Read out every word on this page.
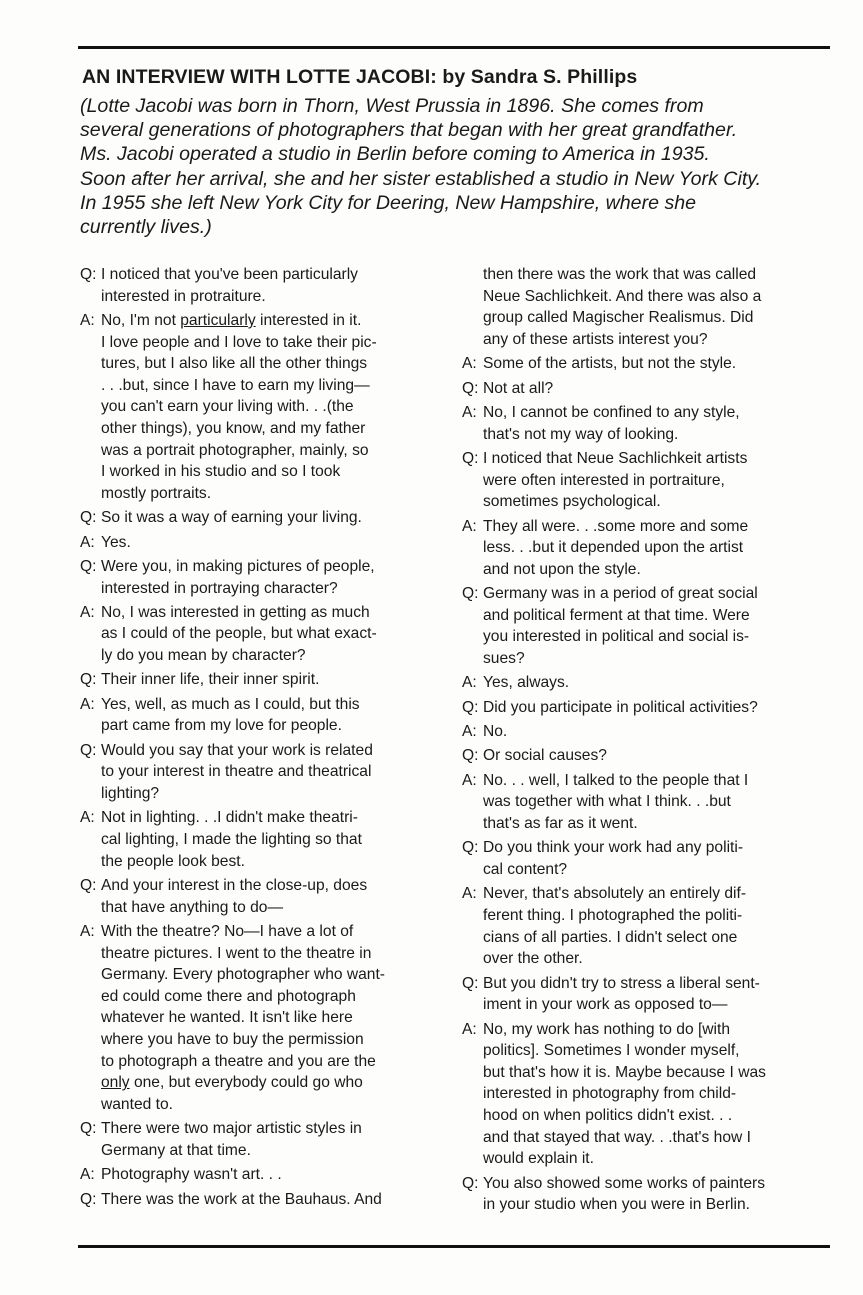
AN INTERVIEW WITH LOTTE JACOBI: by Sandra S. Phillips

(Lotte Jacobi was born in Thorn, West Prussia in 1896. She comes from
several generations of photographers that began with her great grandfather.
Ms. Jacobi operated a studio in Berlin before coming to America in 1935.
Soon after her arrival, she and her sister established a studio in New York City.
In 1955 she left New York City for Deering, New Hampshire, where she
currently lives.)

Q: I noticed that you've been particularly
interested in protraiture.
A: No, I'm not particularly interested in it.
I love people and I love to take their pic-
tures, but I also like all the other things
. . .but, since I have to earn my living—
you can't earn your living with. . .(the
other things), you know, and my father
was a portrait photographer, mainly, so
I worked in his studio and so I took
mostly portraits.
Q: So it was a way of earning your living.
A: Yes.
Q: Were you, in making pictures of people,
interested in portraying character?
A: No, I was interested in getting as much
as I could of the people, but what exact-
ly do you mean by character?
Q: Their inner life, their inner spirit.
A: Yes, well, as much as I could, but this
part came from my love for people.
Q: Would you say that your work is related
to your interest in theatre and theatrical
lighting?
A: Not in lighting. . .I didn't make theatri-
cal lighting, I made the lighting so that
the people look best.
Q: And your interest in the close-up, does
that have anything to do—
A: With the theatre? No—I have a lot of
theatre pictures. I went to the theatre in
Germany. Every photographer who want-
ed could come there and photograph
whatever he wanted. It isn't like here
where you have to buy the permission
to photograph a theatre and you are the
only one, but everybody could go who
wanted to.
Q: There were two major artistic styles in
Germany at that time.
A: Photography wasn't art. . .
Q: There was the work at the Bauhaus. And
then there was the work that was called
Neue Sachlichkeit. And there was also a
group called Magischer Realismus. Did
any of these artists interest you?
A: Some of the artists, but not the style.
Q: Not at all?
A: No, I cannot be confined to any style,
that's not my way of looking.
Q: I noticed that Neue Sachlichkeit artists
were often interested in portraiture,
sometimes psychological.
A: They all were. . .some more and some
less. . .but it depended upon the artist
and not upon the style.
Q: Germany was in a period of great social
and political ferment at that time. Were
you interested in political and social is-
sues?
A: Yes, always.
Q: Did you participate in political activities?
A: No.
Q: Or social causes?
A: No. . . well, I talked to the people that I
was together with what I think. . .but
that's as far as it went.
Q: Do you think your work had any politi-
cal content?
A: Never, that's absolutely an entirely dif-
ferent thing. I photographed the politi-
cians of all parties. I didn't select one
over the other.
Q: But you didn't try to stress a liberal sent-
iment in your work as opposed to—
A: No, my work has nothing to do [with
politics]. Sometimes I wonder myself,
but that's how it is. Maybe because I was
interested in photography from child-
hood on when politics didn't exist. . .
and that stayed that way. . .that's how I
would explain it.
Q: You also showed some works of painters
in your studio when you were in Berlin.
